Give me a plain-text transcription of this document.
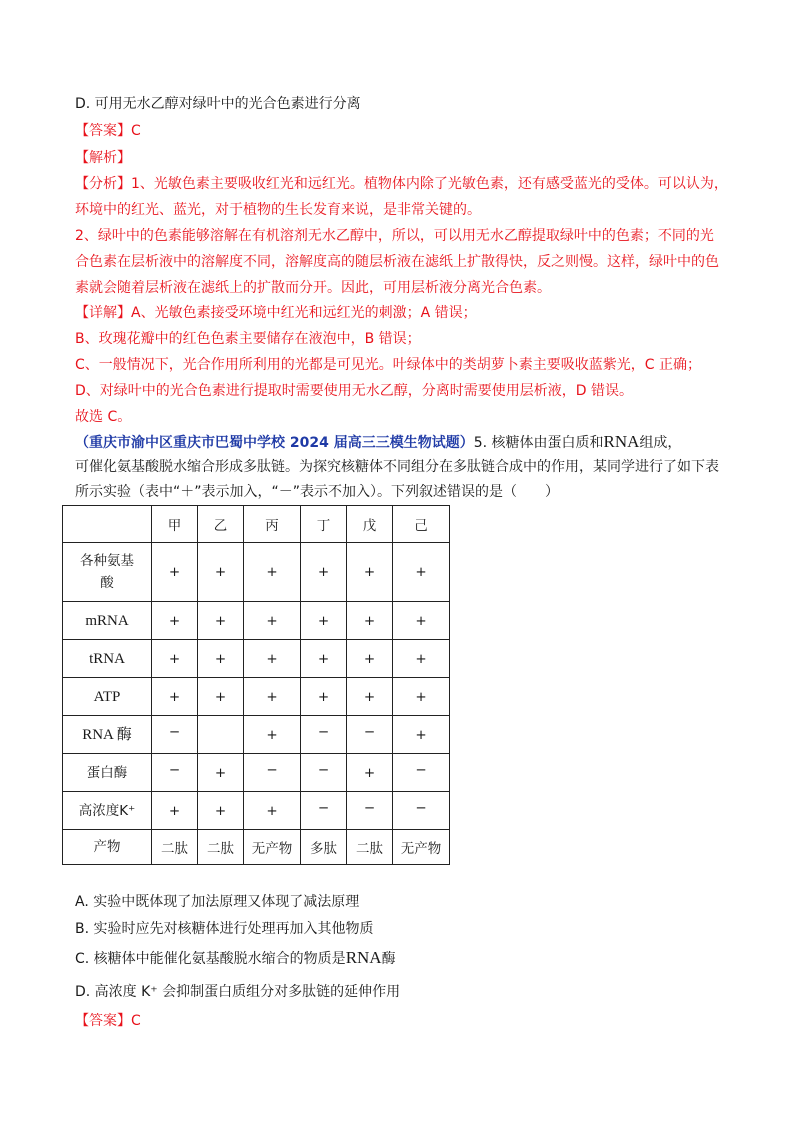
D. 可用无水乙醇对绿叶中的光合色素进行分离
【答案】C
【解析】
【分析】1、光敏色素主要吸收红光和远红光。植物体内除了光敏色素，还有感受蓝光的受体。可以认为，
环境中的红光、蓝光，对于植物的生长发育来说，是非常关键的。
2、绿叶中的色素能够溶解在有机溶剂无水乙醇中，所以，可以用无水乙醇提取绿叶中的色素；不同的光
合色素在层析液中的溶解度不同，溶解度高的随层析液在滤纸上扩散得快，反之则慢。这样，绿叶中的色
素就会随着层析液在滤纸上的扩散而分开。因此，可用层析液分离光合色素。
【详解】A、光敏色素接受环境中红光和远红光的刺激；A 错误；
B、玫瑰花瓣中的红色色素主要储存在液泡中，B 错误；
C、一般情况下，光合作用所利用的光都是可见光。叶绿体中的类胡萝卜素主要吸收蓝紫光，C 正确；
D、对绿叶中的光合色素进行提取时需要使用无水乙醇，分离时需要使用层析液，D 错误。
故选 C。
（重庆市渝中区重庆市巴蜀中学校 2024 届高三三模生物试题）5. 核糖体由蛋白质和RNA组成，
可催化氨基酸脱水缩合形成多肽链。为探究核糖体不同组分在多肽链合成中的作用，某同学进行了如下表
所示实验（表中“＋”表示加入，“－”表示不加入）。下列叙述错误的是（　　）
	甲	乙	丙	丁	戊	己

各种氨基酸	+	+	+	+	+	+
mRNA	+	+	+	+	+	+
tRNA	+	+	+	+	+	+
ATP	+	+	+	+	+	+
RNA 酶	−		+	−	−	+
蛋白酶	−	+	−	−	+	−
高浓度K⁺	+	+	+	−	−	−
产物	二肽	二肽	无产物	多肽	二肽	无产物
A. 实验中既体现了加法原理又体现了减法原理
B. 实验时应先对核糖体进行处理再加入其他物质
C. 核糖体中能催化氨基酸脱水缩合的物质是RNA酶
D. 高浓度 K⁺ 会抑制蛋白质组分对多肽链的延伸作用
【答案】C
